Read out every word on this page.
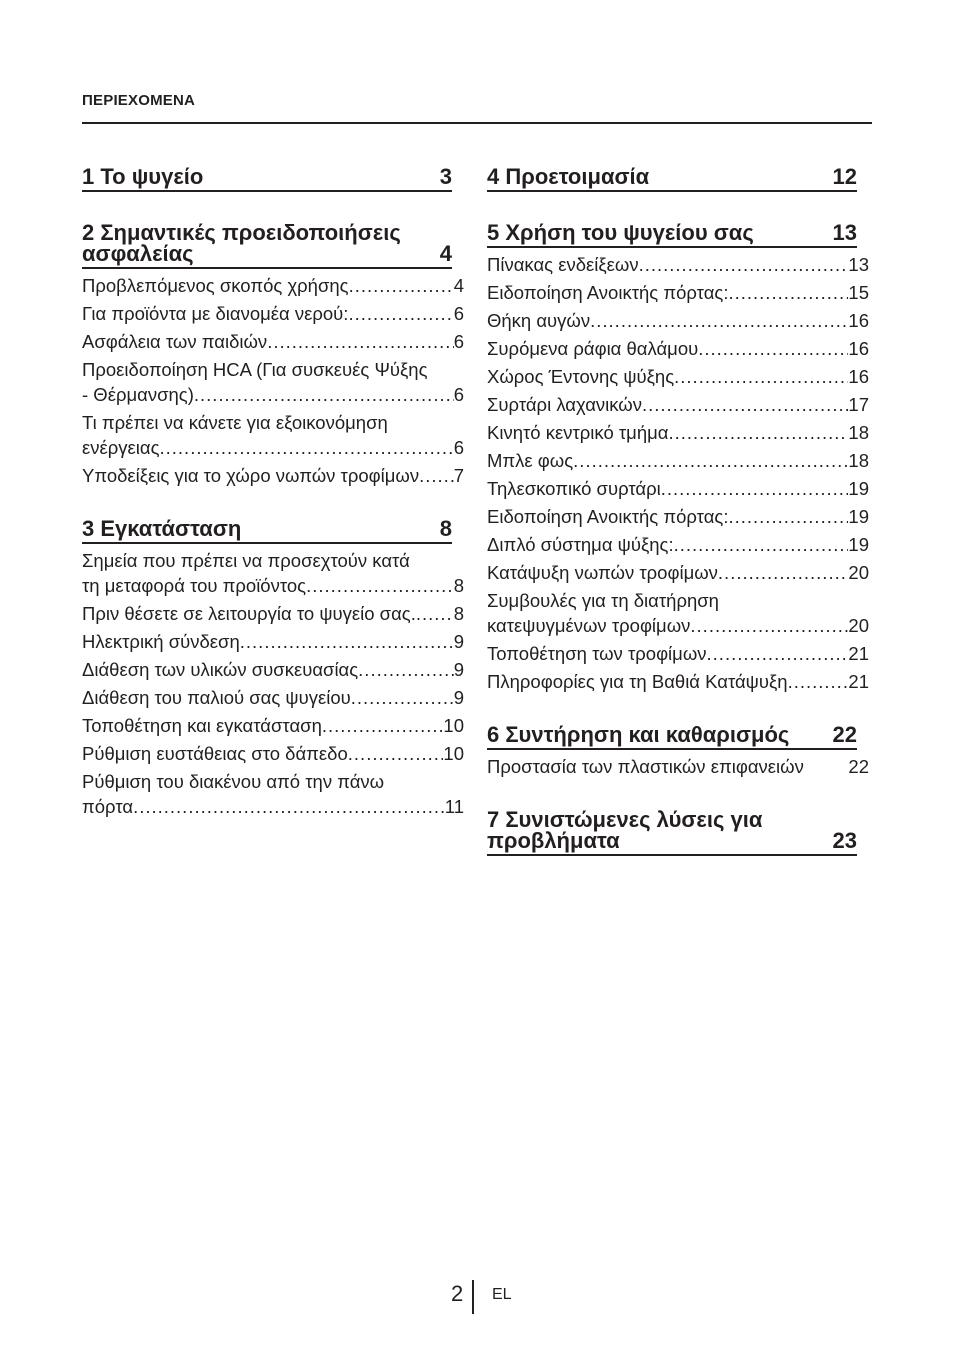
ΠΕΡΙΕΧΟΜΕΝΑ
1 Το ψυγείο	3
2 Σημαντικές προειδοποιήσεις
ασφαλείας	4
Προβλεπόμενος σκοπός χρήσης .....	4
Για προϊόντα με διανομέα νερού: .....	6
Ασφάλεια των παιδιών .....	6
Προειδοποίηση HCA (Για συσκευές Ψύξης
- Θέρμανσης) .....	6
Τι πρέπει να κάνετε για εξοικονόμηση
ενέργειας .....	6
Υποδείξεις για το χώρο νωπών τροφίμων ..... 7
3 Εγκατάσταση	8
Σημεία που πρέπει να προσεχτούν κατά
τη μεταφορά του προϊόντος .....	8
Πριν θέσετε σε λειτουργία το ψυγείο σας. ..... 8
Ηλεκτρική σύνδεση .....	9
Διάθεση των υλικών συσκευασίας .....	9
Διάθεση του παλιού σας ψυγείου .....	9
Τοποθέτηση και εγκατάσταση .....	10
Ρύθμιση ευστάθειας στο δάπεδο .....	10
Ρύθμιση του διακένου από την πάνω
πόρτα .....	11
4 Προετοιμασία	12
5 Χρήση του ψυγείου σας	13
Πίνακας ενδείξεων .....	13
Ειδοποίηση Ανοικτής πόρτας: .....	15
Θήκη αυγών .....	16
Συρόμενα ράφια θαλάμου .....	16
Χώρος Έντονης ψύξης .....	16
Συρτάρι λαχανικών .....	17
Κινητό κεντρικό τμήμα .....	18
Μπλε φως .....	18
Τηλεσκοπικό συρτάρι .....	19
Ειδοποίηση Ανοικτής πόρτας: .....	19
Διπλό σύστημα ψύξης: .....	19
Κατάψυξη νωπών τροφίμων .....	20
Συμβουλές για τη διατήρηση
κατεψυγμένων τροφίμων .....	20
Τοποθέτηση των τροφίμων .....	21
Πληροφορίες για τη Βαθιά Κατάψυξη .....	21
6 Συντήρηση και καθαρισμός 22
Προστασία των πλαστικών επιφανειών 22
7 Συνιστώμενες λύσεις για
προβλήματα	23
2 EL
